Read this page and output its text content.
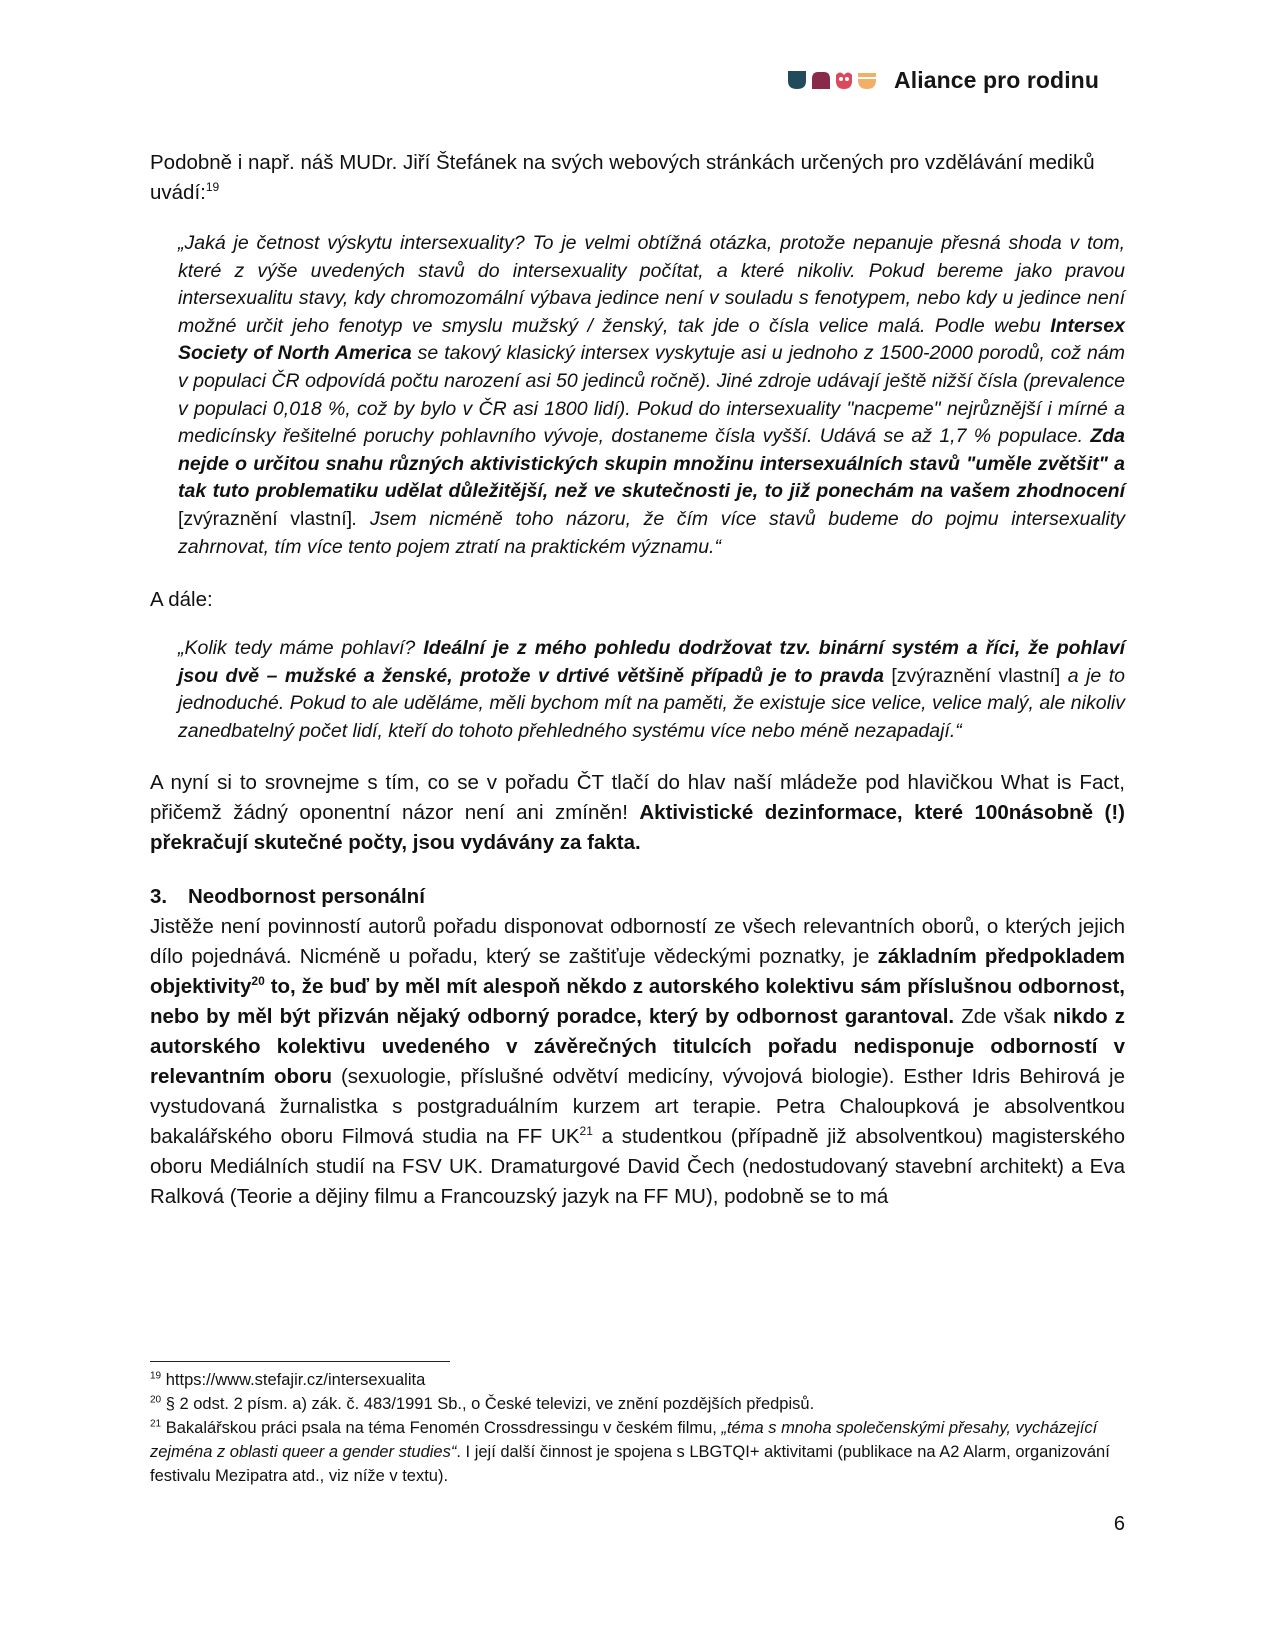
Aliance pro rodinu

Podobně i např. náš MUDr. Jiří Štefánek na svých webových stránkách určených pro vzdělávání mediků uvádí:$^{19}$

„Jaká je četnost výskytu intersexuality? To je velmi obtížná otázka, protože nepanuje přesná shoda v tom, které z výše uvedených stavů do intersexuality počítat, a které nikoliv. Pokud bereme jako pravou intersexualitu stavy, kdy chromozomální výbava jedince není v souladu s fenotypem, nebo kdy u jedince není možné určit jeho fenotyp ve smyslu mužský / ženský, tak jde o čísla velice malá. Podle webu Intersex Society of North America se takový klasický intersex vyskytuje asi u jednoho z 1500-2000 porodů, což nám v populaci ČR odpovídá počtu narození asi 50 jedinců ročně). Jiné zdroje udávají ještě nižší čísla (prevalence v populaci 0,018 %, což by bylo v ČR asi 1800 lidí). Pokud do intersexuality "nacpeme" nejrůznější i mírné a medicínsky řešitelné poruchy pohlavního vývoje, dostaneme čísla vyšší. Udává se až 1,7 % populace. Zda nejde o určitou snahu různých aktivistických skupin množinu intersexuálních stavů "uměle zvětšit" a tak tuto problematiku udělat důležitější, než ve skutečnosti je, to již ponechám na vašem zhodnocení [zvýraznění vlastní]. Jsem nicméně toho názoru, že čím více stavů budeme do pojmu intersexuality zahrnovat, tím více tento pojem ztratí na praktickém významu.“

A dále:

„Kolik tedy máme pohlaví? Ideální je z mého pohledu dodržovat tzv. binární systém a říci, že pohlaví jsou dvě – mužské a ženské, protože v drtivé většině případů je to pravda [zvýraznění vlastní] a je to jednoduché. Pokud to ale uděláme, měli bychom mít na paměti, že existuje sice velice, velice malý, ale nikoliv zanedbatelný počet lidí, kteří do tohoto přehledného systému více nebo méně nezapadají.“

A nyní si to srovnejme s tím, co se v pořadu ČT tlačí do hlav naší mládeže pod hlavičkou What is Fact, přičemž žádný oponentní názor není ani zmíněn! Aktivistické dezinformace, které 100násobně (!) překračují skutečné počty, jsou vydávány za fakta.

3. Neodbornost personální

Jistěže není povinností autorů pořadu disponovat odborností ze všech relevantních oborů, o kterých jejich dílo pojednává. Nicméně u pořadu, který se zaštiťuje vědeckými poznatky, je základním předpokladem objektivity$^{20}$ to, že buď by měl mít alespoň někdo z autorského kolektivu sám příslušnou odbornost, nebo by měl být přizván nějaký odborný poradce, který by odbornost garantoval. Zde však nikdo z autorského kolektivu uvedeného v závěrečných titulcích pořadu nedisponuje odborností v relevantním oboru (sexuologie, příslušné odvětví medicíny, vývojová biologie). Esther Idris Behirová je vystudovaná žurnalistka s postgraduálním kurzem art terapie. Petra Chaloupková je absolventkou bakalářského oboru Filmová studia na FF UK$^{21}$ a studentkou (případně již absolventkou) magisterského oboru Mediálních studií na FSV UK. Dramaturgové David Čech (nedostudovaný stavební architekt) a Eva Ralková (Teorie a dějiny filmu a Francouzský jazyk na FF MU), podobně se to má

$^{19}$ https://www.stefajir.cz/intersexualita
$^{20}$ § 2 odst. 2 písm. a) zák. č. 483/1991 Sb., o České televizi, ve znění pozdějších předpisů.
$^{21}$ Bakalářskou práci psala na téma Fenomén Crossdressingu v českém filmu, „téma s mnoha společenskými přesahy, vycházející zejména z oblasti queer a gender studies“. I její další činnost je spojena s LBGTQI+ aktivitami (publikace na A2 Alarm, organizování festivalu Mezipatra atd., viz níže v textu).
6
